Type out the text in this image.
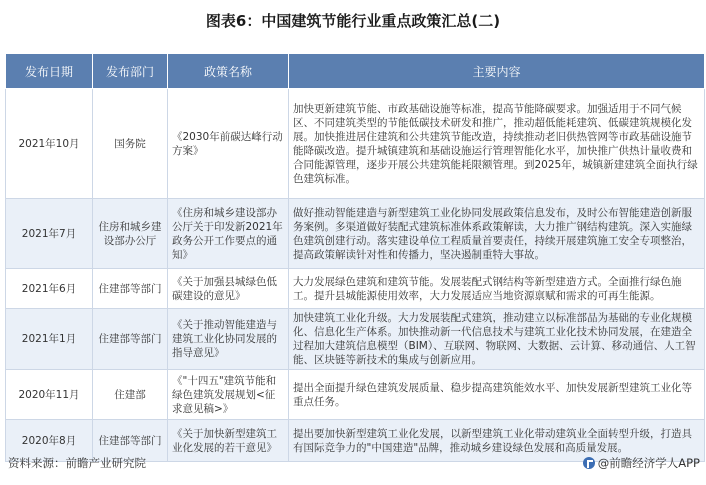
图表6：中国建筑节能行业重点政策汇总(二)
发布日期	发布部门	政策名称	主要内容
2021年10月	国务院	《2030年前碳达峰行动方案》	加快更新建筑节能、市政基础设施等标准，提高节能降碳要求。加强适用于不同气候区、不同建筑类型的节能低碳技术研发和推广，推动超低能耗建筑、低碳建筑规模化发展。加快推进居住建筑和公共建筑节能改造，持续推动老旧供热管网等市政基础设施节能降碳改造。提升城镇建筑和基础设施运行管理智能化水平，加快推广供热计量收费和合同能源管理，逐步开展公共建筑能耗限额管理。到2025年，城镇新建建筑全面执行绿色建筑标准。
2021年7月	住房和城乡建设部办公厅	《住房和城乡建设部办公厅关于印发新2021年政务公开工作要点的通知》	做好推动智能建造与新型建筑工业化协同发展政策信息发布，及时公布智能建造创新服务案例。多渠道做好装配式建筑标准体系政策解读，大力推广钢结构建筑。深入实施绿色建筑创建行动。落实建设单位工程质量首要责任，持续开展建筑施工安全专项整治，提高政策解读针对性和传播力，坚决遏制重特大事故。
2021年6月	住建部等部门	《关于加强县城绿色低碳建设的意见》	大力发展绿色建筑和建筑节能。发展装配式钢结构等新型建造方式。全面推行绿色施工。提升县城能源使用效率，大力发展适应当地资源禀赋和需求的可再生能源。
2021年1月	住建部等部门	《关于推动智能建造与建筑工业化协同发展的指导意见》	加快建筑工业化升级。大力发展装配式建筑，推动建立以标准部品为基础的专业化规模化、信息化生产体系。加快推动新一代信息技术与建筑工业化技术协同发展，在建造全过程加大建筑信息模型（BIM）、互联网、物联网、大数据、云计算、移动通信、人工智能、区块链等新技术的集成与创新应用。
2020年11月	住建部	《"十四五"建筑节能和绿色建筑发展规划<征求意见稿>》	提出全面提升绿色建筑发展质量、稳步提高建筑能效水平、加快发展新型建筑工业化等重点任务。
2020年8月	住建部等部门	《关于加快新型建筑工业化发展的若干意见》	提出要加快新型建筑工业化发展，以新型建筑工业化带动建筑业全面转型升级，打造具有国际竞争力的"中国建造"品牌，推动城乡建设绿色发展和高质量发展。
资料来源：前瞻产业研究院	@前瞻经济学人APP
